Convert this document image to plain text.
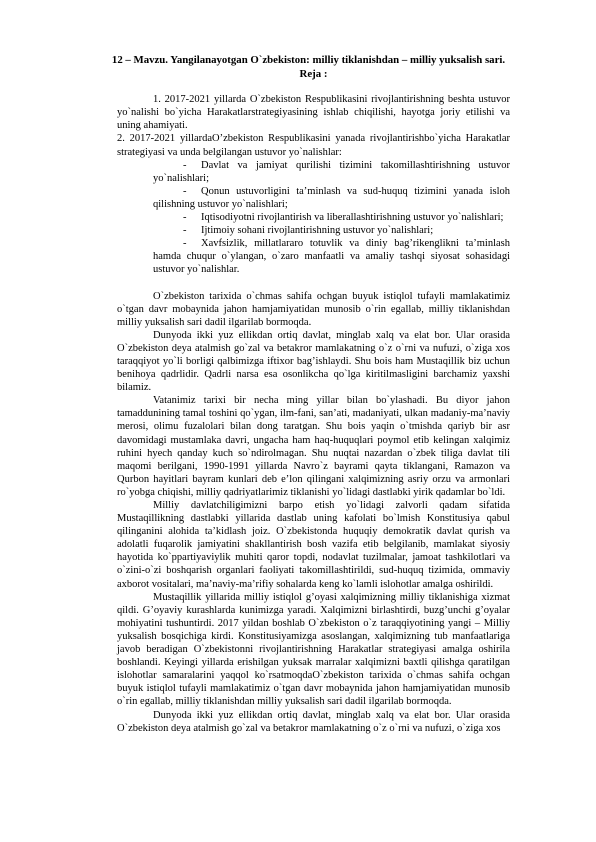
12 – Mavzu. Yangilanayotgan O`zbekiston: milliy tiklanishdan – milliy yuksalish sari.
Reja :

1. 2017-2021 yillarda O`zbekiston Respublikasini rivojlantirishning beshta ustuvor yo`nalishi bo`yicha Harakatlarstrategiyasining ishlab chiqilishi, hayotga joriy etilishi va uning ahamiyati.

2. 2017-2021 yillardaO’zbekiston Respublikasini yanada rivojlantirishbo`yicha Harakatlar strategiyasi va unda belgilangan ustuvor yo`nalishlar:

- Davlat va jamiyat qurilishi tizimini takomillashtirishning ustuvor yo`nalishlari;

- Qonun ustuvorligini ta’minlash va sud-huquq tizimini yanada isloh qilishning ustuvor yo`nalishlari;

- Iqtisodiyotni rivojlantirish va liberallashtirishning ustuvor yo`nalishlari;

- Ijtimoiy sohani rivojlantirishning ustuvor yo`nalishlari;

- Xavfsizlik, millatlararo totuvlik va diniy bag’rikenglikni ta’minlash hamda chuqur o`ylangan, o`zaro manfaatli va amaliy tashqi siyosat sohasidagi ustuvor yo`nalishlar.

O`zbekiston tarixida o`chmas sahifa ochgan buyuk istiqlol tufayli mamlakatimiz o`tgan davr mobaynida jahon hamjamiyatidan munosib o`rin egallab, milliy tiklanishdan milliy yuksalish sari dadil ilgarilab bormoqda.

Dunyoda ikki yuz ellikdan ortiq davlat, minglab xalq va elat bor. Ular orasida O`zbekiston deya atalmish go`zal va betakror mamlakatning o`z o`rni va nufuzi, o`ziga xos taraqqiyot yo`li borligi qalbimizga iftixor bag’ishlaydi. Shu bois ham Mustaqillik biz uchun benihoya qadrlidir. Qadrli narsa esa osonlikcha qo`lga kiritilmasligini barchamiz yaxshi bilamiz.

Vatanimiz tarixi bir necha ming yillar bilan bo`ylashadi. Bu diyor jahon tamaddunining tamal toshini qo`ygan, ilm-fani, san’ati, madaniyati, ulkan madaniy-ma’naviy merosi, olimu fuzalolari bilan dong taratgan. Shu bois yaqin o`tmishda qariyb bir asr davomidagi mustamlaka davri, ungacha ham haq-huquqlari poymol etib kelingan xalqimiz ruhini hyech qanday kuch so`ndirolmagan. Shu nuqtai nazardan o`zbek tiliga davlat tili maqomi berilgani, 1990-1991 yillarda Navro`z bayrami qayta tiklangani, Ramazon va Qurbon hayitlari bayram kunlari deb e’lon qilingani xalqimizning asriy orzu va armonlari ro`yobga chiqishi, milliy qadriyatlarimiz tiklanishi yo`lidagi dastlabki yirik qadamlar bo`ldi.

Milliy davlatchiligimizni barpo etish yo`lidagi zalvorli qadam sifatida Mustaqillikning dastlabki yillarida dastlab uning kafolati bo`lmish Konstitusiya qabul qilinganini alohida ta’kidlash joiz. O`zbekistonda huquqiy demokratik davlat qurish va adolatli fuqarolik jamiyatini shakllantirish bosh vazifa etib belgilanib, mamlakat siyosiy hayotida ko`ppartiyaviylik muhiti qaror topdi, nodavlat tuzilmalar, jamoat tashkilotlari va o`zini-o`zi boshqarish organlari faoliyati takomillashtirildi, sud-huquq tizimida, ommaviy axborot vositalari, ma’naviy-ma’rifiy sohalarda keng ko`lamli islohotlar amalga oshirildi.

Mustaqillik yillarida milliy istiqlol g’oyasi xalqimizning milliy tiklanishiga xizmat qildi. G’oyaviy kurashlarda kunimizga yaradi. Xalqimizni birlashtirdi, buzg’unchi g’oyalar mohiyatini tushuntirdi. 2017 yildan boshlab O`zbekiston o`z taraqqiyotining yangi – Milliy yuksalish bosqichiga kirdi. Konstitusiyamizga asoslangan, xalqimizning tub manfaatlariga javob beradigan O`zbekistonni rivojlantirishning Harakatlar strategiyasi amalga oshirila boshlandi. Keyingi yillarda erishilgan yuksak marralar xalqimizni baxtli qilishga qaratilgan islohotlar samaralarini yaqqol ko`rsatmoqdaO`zbekiston tarixida o`chmas sahifa ochgan buyuk istiqlol tufayli mamlakatimiz o`tgan davr mobaynida jahon hamjamiyatidan munosib o`rin egallab, milliy tiklanishdan milliy yuksalish sari dadil ilgarilab bormoqda.

Dunyoda ikki yuz ellikdan ortiq davlat, minglab xalq va elat bor. Ular orasida O`zbekiston deya atalmish go`zal va betakror mamlakatning o`z o`rni va nufuzi, o`ziga xos
